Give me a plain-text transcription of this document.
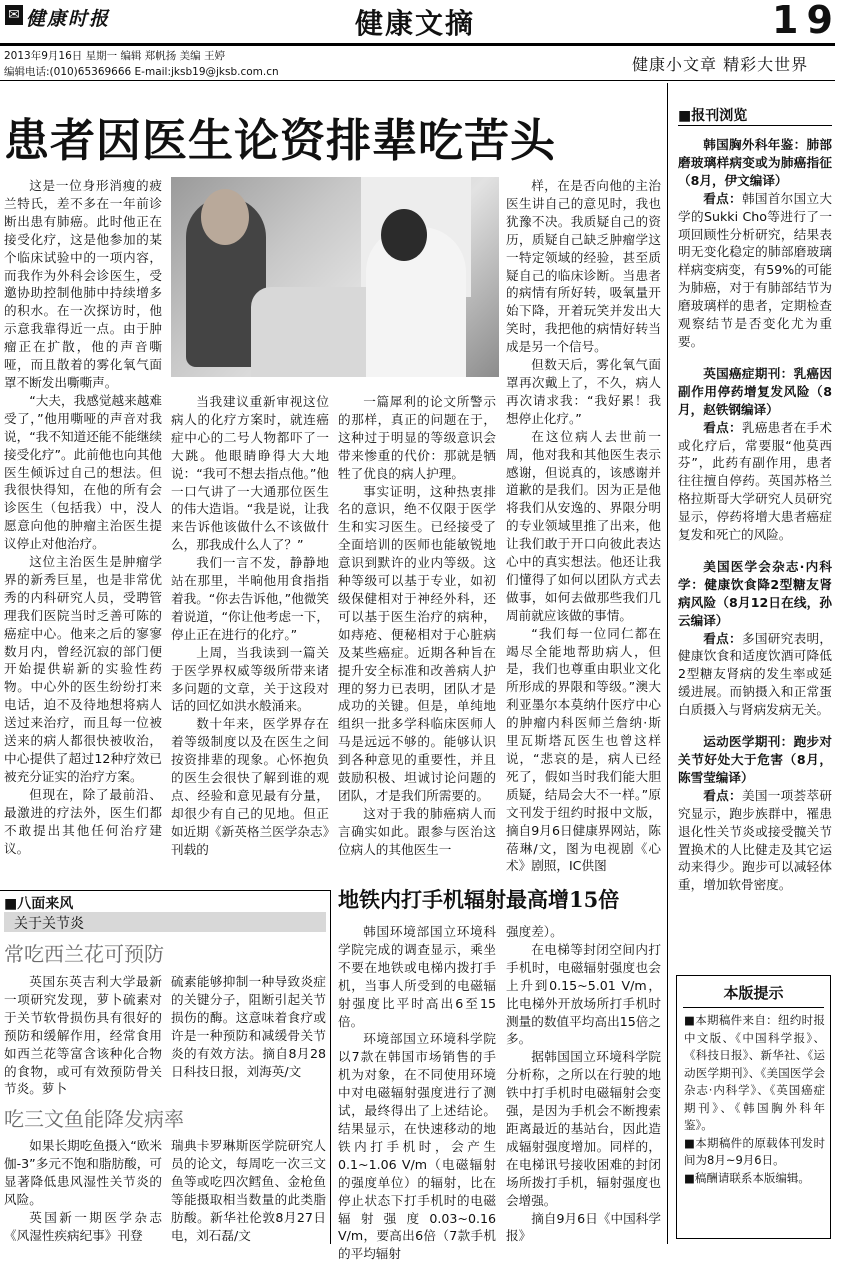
✉ 健康时报	健康文摘	19
2013年9月16日 星期一 编辑 郑帆扬 美编 王婷
编辑电话:(010)65369666 E-mail:jksb19@jksb.com.cn	健康小文章 精彩大世界
患者因医生论资排辈吃苦头

这是一位身形消瘦的疲兰特氏，差不多在一年前诊断出患有肺癌。此时他正在接受化疗，这是他参加的某个临床试验中的一项内容，而我作为外科会诊医生，受邀协助控制他肺中持续增多的积水。在一次探访时，他示意我靠得近一点。由于肿瘤正在扩散，他的声音嘶哑，而且散着的雾化氧气面罩不断发出嘶嘶声。

“大夫，我感觉越来越难受了，”他用嘶哑的声音对我说，“我不知道还能不能继续接受化疗”。此前他也向其他医生倾诉过自己的想法。但我很快得知，在他的所有会诊医生（包括我）中，没人愿意向他的肿瘤主治医生提议停止对他治疗。

这位主治医生是肿瘤学界的新秀巨星，也是非常优秀的内科研究人员，受聘管理我们医院当时乏善可陈的癌症中心。他来之后的寥寥数月内，曾经沉寂的部门便开始提供崭新的实验性药物。中心外的医生纷纷打来电话，迫不及待地想将病人送过来治疗，而且每一位被送来的病人都很快被收治，中心提供了超过12种疗效已被充分证实的治疗方案。

但现在，除了最前沿、最激进的疗法外，医生们都不敢提出其他任何治疗建议。

当我建议重新审视这位病人的化疗方案时，就连癌症中心的二号人物都吓了一大跳。他眼睛睁得大大地说：“我可不想去指点他。”他一口气讲了一大通那位医生的伟大造诣。“我是说，让我来告诉他该做什么不该做什么，那我成什么人了？”

我们一言不发，静静地站在那里，半晌他用食指指着我。“你去告诉他，”他微笑着说道，“你让他考虑一下，停止正在进行的化疗。”

上周，当我读到一篇关于医学界权威等级所带来诸多问题的文章，关于这段对话的回忆如洪水般涌来。

数十年来，医学界存在着等级制度以及在医生之间按资排辈的现象。心怀抱负的医生会很快了解到谁的观点、经验和意见最有分量，却很少有自己的见地。但正如近期《新英格兰医学杂志》刊载的

一篇犀利的论文所警示的那样，真正的问题在于，这种过于明显的等级意识会带来惨重的代价：那就是牺牲了优良的病人护理。

事实证明，这种热衷排名的意识，绝不仅限于医学生和实习医生。已经接受了全面培训的医师也能敏锐地意识到默许的业内等级。这种等级可以基于专业，如初级保健相对于神经外科，还可以基于医生治疗的病种，如痔疮、便秘相对于心脏病及某些癌症。近期各种旨在提升安全标准和改善病人护理的努力已表明，团队才是成功的关键。但是，单纯地组织一批多学科临床医师人马是远远不够的。能够认识到各种意见的重要性，并且鼓励积极、坦诚讨论问题的团队，才是我们所需要的。

这对于我的肺癌病人而言确实如此。跟参与医治这位病人的其他医生一

样，在是否向他的主治医生讲自己的意见时，我也犹豫不决。我质疑自己的资历，质疑自己缺乏肿瘤学这一特定领域的经验，甚至质疑自己的临床诊断。当患者的病情有所好转，吸氧量开始下降，开着玩笑并发出大笑时，我把他的病情好转当成是另一个信号。

但数天后，雾化氧气面罩再次戴上了，不久，病人再次请求我：“我好累！我想停止化疗。”

在这位病人去世前一周，他对我和其他医生表示感谢，但说真的，该感谢并道歉的是我们。因为正是他将我们从安逸的、界限分明的专业领域里推了出来，他让我们敢于开口向彼此表达心中的真实想法。他还让我们懂得了如何以团队方式去做事，如何去做那些我们几周前就应该做的事情。

“我们每一位同仁都在竭尽全能地帮助病人，但是，我们也尊重由职业文化所形成的界限和等级。”澳大利亚墨尔本莫纳什医疗中心的肿瘤内科医师兰詹纳·斯里瓦斯塔瓦医生也曾这样说，“悲哀的是，病人已经死了，假如当时我们能大胆质疑，结局会大不一样。”原文刊发于纽约时报中文版，摘自9月6日健康界网站，陈蓓琳/文，图为电视剧《心术》剧照，IC供图

■八面来风
关于关节炎
常吃西兰花可预防

英国东英吉利大学最新一项研究发现，萝卜硫素对于关节软骨损伤具有很好的预防和缓解作用，经常食用如西兰花等富含该种化合物的食物，或可有效预防骨关节炎。萝卜

硫素能够抑制一种导致炎症的关键分子，阻断引起关节损伤的酶。这意味着食疗或许是一种预防和减缓骨关节炎的有效方法。摘自8月28日科技日报，刘海英/文

吃三文鱼能降发病率

如果长期吃鱼摄入“欧米伽-3”多元不饱和脂肪酸，可显著降低患风湿性关节炎的风险。

英国新一期医学杂志《风湿性疾病纪事》刊登

瑞典卡罗琳斯医学院研究人员的论文，每周吃一次三文鱼等或吃四次鳕鱼、金枪鱼等能摄取相当数量的此类脂肪酸。新华社伦敦8月27日电，刘石磊/文

地铁内打手机辐射最高增15倍

韩国环境部国立环境科学院完成的调查显示，乘坐不要在地铁或电梯内拨打手机，当事人所受到的电磁辐射强度比平时高出6至15倍。

环境部国立环境科学院以7款在韩国市场销售的手机为对象，在不同使用环境中对电磁辐射强度进行了测试，最终得出了上述结论。结果显示，在快速移动的地铁内打手机时，会产生0.1~1.06 V/m（电磁辐射的强度单位）的辐射，比在停止状态下打手机时的电磁辐射强度0.03~0.16 V/m，要高出6倍（7款手机的平均辐射

强度差）。

在电梯等封闭空间内打手机时，电磁辐射强度也会上升到0.15~5.01 V/m，比电梯外开放场所打手机时测量的数值平均高出15倍之多。

据韩国国立环境科学院分析称，之所以在行驶的地铁中打手机时电磁辐射会变强，是因为手机会不断搜索距离最近的基站台，因此造成辐射强度增加。同样的，在电梯讯号接收困难的封闭场所拨打手机，辐射强度也会增强。

摘自9月6日《中国科学报》

■报刊浏览

韩国胸外科年鉴：肺部磨玻璃样病变或为肺癌指征（8月，伊文编译）

看点：韩国首尔国立大学的Sukki Cho等进行了一项回顾性分析研究，结果表明无变化稳定的肺部磨玻璃样病变病变，有59%的可能为肺癌，对于有肺部结节为磨玻璃样的患者，定期检查观察结节是否变化尤为重要。

英国癌症期刊：乳癌因副作用停药增复发风险（8月，赵铁钢编译）

看点：乳癌患者在手术或化疗后，常要服“他莫西芬”，此药有副作用，患者往往擅自停药。英国苏格兰格拉斯哥大学研究人员研究显示，停药将增大患者癌症复发和死亡的风险。

美国医学会杂志·内科学：健康饮食降2型糖友肾病风险（8月12日在线，孙云编译）

看点：多国研究表明，健康饮食和适度饮酒可降低2型糖友肾病的发生率或延缓进展。而钠摄入和正常蛋白质摄入与肾病发病无关。

运动医学期刊：跑步对关节好处大于危害（8月，陈雪莹编译）

看点：美国一项荟萃研究显示，跑步族群中，罹患退化性关节炎或接受髋关节置换术的人比健走及其它运动来得少。跑步可以减轻体重，增加软骨密度。

本版提示

■本期稿件来自：纽约时报中文版、《中国科学报》、《科技日报》、新华社、《运动医学期刊》、《美国医学会杂志·内科学》、《英国癌症期刊》、《韩国胸外科年鉴》。

■本期稿件的原载体刊发时间为8月~9月6日。

■稿酬请联系本版编辑。
